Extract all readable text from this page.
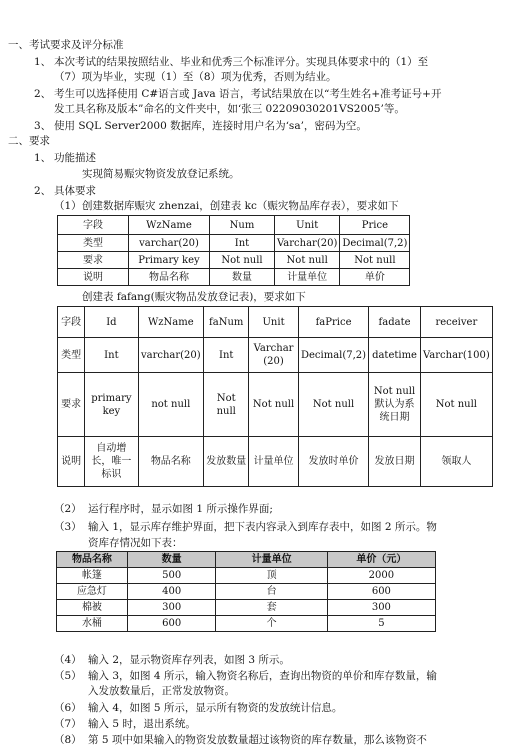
一、考试要求及评分标准
1、 本次考试的结果按照结业、毕业和优秀三个标准评分。实现具体要求中的（1）至
（7）项为毕业，实现（1）至（8）项为优秀，否则为结业。
2、 考生可以选择使用 C#语言或 Java 语言，考试结果放在以“考生姓名+准考证号+开
发工具名称及版本”命名的文件夹中，如‘张三 02209030201VS2005’等。
3、 使用 SQL Server2000 数据库，连接时用户名为‘sa’，密码为空。
二、要求
1、 功能描述
实现简易赈灾物资发放登记系统。
2、 具体要求
（1） 创建数据库赈灾 zhenzai，创建表 kc（赈灾物品库存表），要求如下
字段	WzName	Num	Unit	Price
类型	varchar(20)	Int	Varchar(20)	Decimal(7,2)
要求	Primary key	Not null	Not null	Not null
说明	物品名称	数量	计量单位	单价
创建表 fafang(赈灾物品发放登记表)，要求如下
字段	Id	WzName	faNum	Unit	faPrice	fadate	receiver
类型	Int	varchar(20)	Int	Varchar (20)	Decimal(7,2)	datetime	Varchar(100)
要求	primary key	not null	Not null	Not null	Not null	Not null 默认为系统日期	Not null
说明	自动增长，唯一标识	物品名称	发放数量	计量单位	发放时单价	发放日期	领取人
（2） 运行程序时，显示如图 1 所示操作界面;
（3） 输入 1，显示库存维护界面，把下表内容录入到库存表中，如图 2 所示。物
资库存情况如下表：
物品名称	数量	计量单位	单价（元）
帐篷	500	顶	2000
应急灯	400	台	600
棉被	300	套	300
水桶	600	个	5
（4） 输入 2，显示物资库存列表，如图 3 所示。
（5） 输入 3，如图 4 所示，输入物资名称后，查询出物资的单价和库存数量，输
入发放数量后，正常发放物资。
（6） 输入 4，如图 5 所示，显示所有物资的发放统计信息。
（7） 输入 5 时，退出系统。
（8） 第 5 项中如果输入的物资发放数量超过该物资的库存数量，那么该物资不
